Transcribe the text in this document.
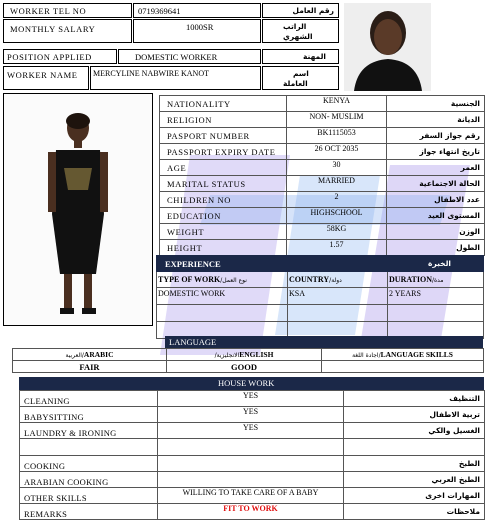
WORKER TEL NO	0719369641	رقم العامل
MONTHLY SALARY	1000SR	الراتب
الشهري
POSITION APPLIED	DOMESTIC WORKER	المهنة
WORKER NAME MERCYLINE NABWIRE KANOT	اسم
العاملة
NATIONALITY	KENYA	الجنسية
RELIGION	NON- MUSLIM	الديانة
PASPORT NUMBER	BK1115053	رقم جواز السفر
PASSPORT EXPIRY DATE	26 OCT 2035	تاريخ انتهاء جواز
AGE	30	العمر
MARITAL STATUS	MARRIED	الحالة الاجتماعية
CHILDREN NO	2	عدد الاطفال
EDUCATION	HIGHSCHOOL	المستوى العيد
WEIGHT	58KG	الوزن
HEIGHT	1.57	الطول
EXPERIENCE		الخبرة
TYPE OF WORK/نوع العمل	COUNTRY/دولة	DURATION/مدة
DOMESTIC WORK	KSA	2 YEARS

LANGUAGE
العربية/ARABIC	/الانجليزيةENGLISH	اجادة اللغة/LANGUAGE SKILLS
FAIR	GOOD	
HOUSE WORK
CLEANING	YES	التنظيف
BABYSITTING	YES	تربية الاطفال
LAUNDRY & IRONING	YES	الغسيل والكي

COOKING		الطبخ
ARABIAN COOKING		الطبخ العربي
OTHER SKILLS	WILLING TO TAKE CARE OF A BABY	المهارات اخرى
REMARKS	FIT TO WORK	ملاحظات
